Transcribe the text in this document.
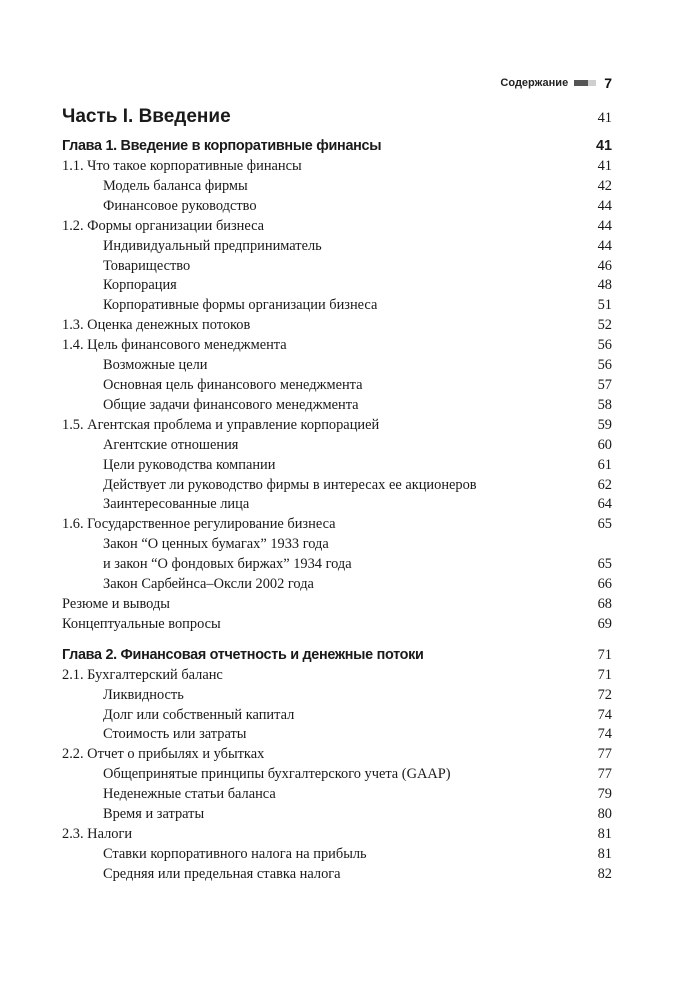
Содержание	7
Часть I. Введение	41
Глава 1. Введение в корпоративные финансы	41
1.1. Что такое корпоративные финансы	41
Модель баланса фирмы	42
Финансовое руководство	44
1.2. Формы организации бизнеса	44
Индивидуальный предприниматель	44
Товарищество	46
Корпорация	48
Корпоративные формы организации бизнеса	51
1.3. Оценка денежных потоков	52
1.4. Цель финансового менеджмента	56
Возможные цели	56
Основная цель финансового менеджмента	57
Общие задачи финансового менеджмента	58
1.5. Агентская проблема и управление корпорацией	59
Агентские отношения	60
Цели руководства компании	61
Действует ли руководство фирмы в интересах ее акционеров	62
Заинтересованные лица	64
1.6. Государственное регулирование бизнеса	65
Закон “О ценных бумагах” 1933 года
и закон “О фондовых биржах” 1934 года	65
Закон Сарбейнса–Оксли 2002 года	66
Резюме и выводы	68
Концептуальные вопросы	69
Глава 2. Финансовая отчетность и денежные потоки	71
2.1. Бухгалтерский баланс	71
Ликвидность	72
Долг или собственный капитал	74
Стоимость или затраты	74
2.2. Отчет о прибылях и убытках	77
Общепринятые принципы бухгалтерского учета (GAAP)	77
Неденежные статьи баланса	79
Время и затраты	80
2.3. Налоги	81
Ставки корпоративного налога на прибыль	81
Средняя или предельная ставка налога	82
